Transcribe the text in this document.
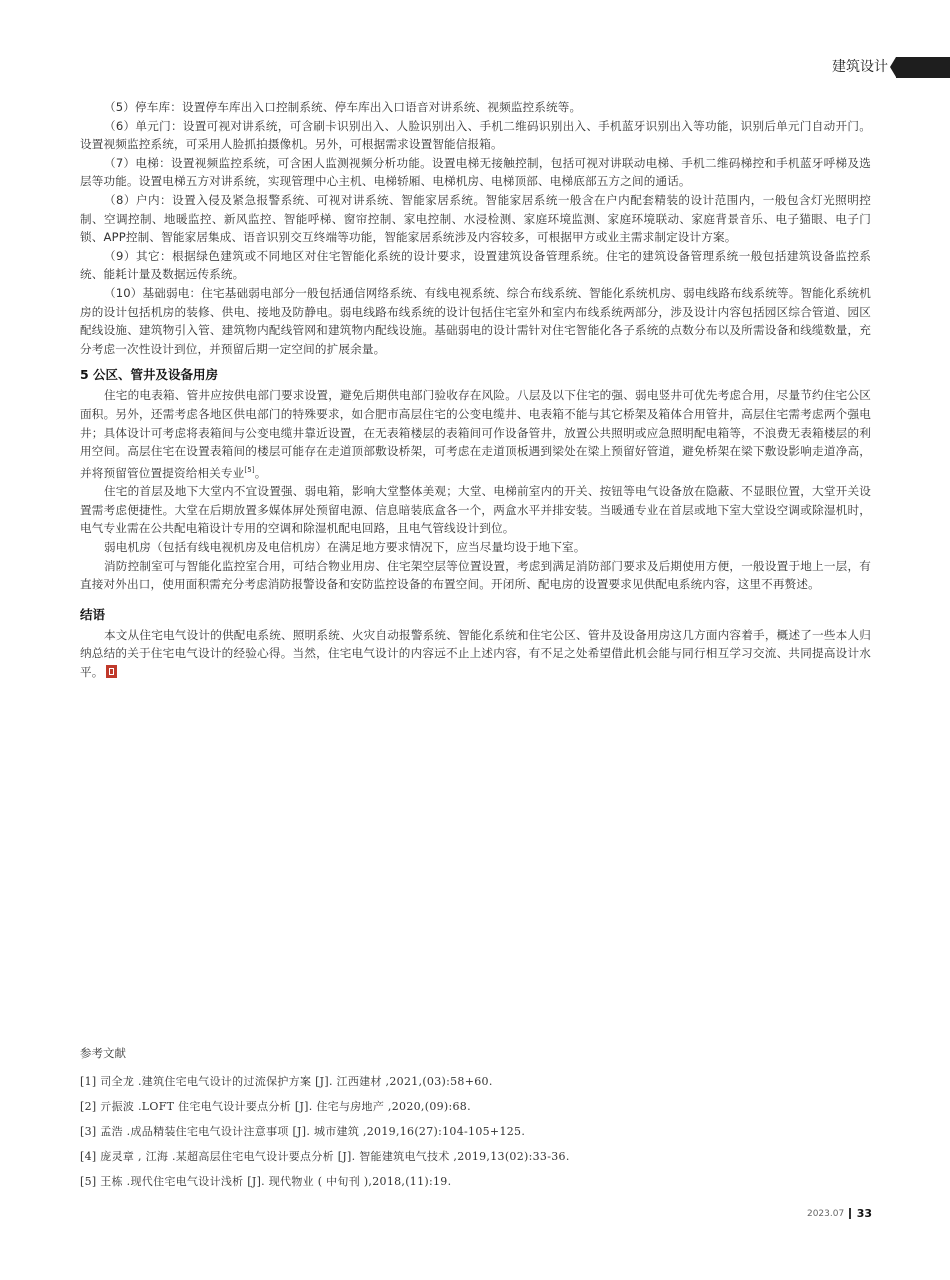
建筑设计

（5）停车库：设置停车库出入口控制系统、停车库出入口语音对讲系统、视频监控系统等。

（6）单元门：设置可视对讲系统，可含刷卡识别出入、人脸识别出入、手机二维码识别出入、手机蓝牙识别出入等功能，识别后单元门自动开门。设置视频监控系统，可采用人脸抓拍摄像机。另外，可根据需求设置智能信报箱。

（7）电梯：设置视频监控系统，可含困人监测视频分析功能。设置电梯无接触控制，包括可视对讲联动电梯、手机二维码梯控和手机蓝牙呼梯及选层等功能。设置电梯五方对讲系统，实现管理中心主机、电梯轿厢、电梯机房、电梯顶部、电梯底部五方之间的通话。

（8）户内：设置入侵及紧急报警系统、可视对讲系统、智能家居系统。智能家居系统一般含在户内配套精装的设计范围内，一般包含灯光照明控制、空调控制、地暖监控、新风监控、智能呼梯、窗帘控制、家电控制、水浸检测、家庭环境监测、家庭环境联动、家庭背景音乐、电子猫眼、电子门锁、APP控制、智能家居集成、语音识别交互终端等功能，智能家居系统涉及内容较多，可根据甲方或业主需求制定设计方案。

（9）其它：根据绿色建筑或不同地区对住宅智能化系统的设计要求，设置建筑设备管理系统。住宅的建筑设备管理系统一般包括建筑设备监控系统、能耗计量及数据远传系统。

（10）基础弱电：住宅基础弱电部分一般包括通信网络系统、有线电视系统、综合布线系统、智能化系统机房、弱电线路布线系统等。智能化系统机房的设计包括机房的装修、供电、接地及防静电。弱电线路布线系统的设计包括住宅室外和室内布线系统两部分，涉及设计内容包括园区综合管道、园区配线设施、建筑物引入管、建筑物内配线管网和建筑物内配线设施。基础弱电的设计需针对住宅智能化各子系统的点数分布以及所需设备和线缆数量，充分考虑一次性设计到位，并预留后期一定空间的扩展余量。

5 公区、管井及设备用房

住宅的电表箱、管井应按供电部门要求设置，避免后期供电部门验收存在风险。八层及以下住宅的强、弱电竖井可优先考虑合用，尽量节约住宅公区面积。另外，还需考虑各地区供电部门的特殊要求，如合肥市高层住宅的公变电缆井、电表箱不能与其它桥架及箱体合用管井，高层住宅需考虑两个强电井；具体设计可考虑将表箱间与公变电缆井靠近设置，在无表箱楼层的表箱间可作设备管井，放置公共照明或应急照明配电箱等，不浪费无表箱楼层的利用空间。高层住宅在设置表箱间的楼层可能存在走道顶部敷设桥架，可考虑在走道顶板遇到梁处在梁上预留好管道，避免桥架在梁下敷设影响走道净高，并将预留管位置提资给相关专业[5]。

住宅的首层及地下大堂内不宜设置强、弱电箱，影响大堂整体美观；大堂、电梯前室内的开关、按钮等电气设备放在隐蔽、不显眼位置，大堂开关设置需考虑便捷性。大堂在后期放置多媒体屏处预留电源、信息暗装底盒各一个，两盒水平并排安装。当暖通专业在首层或地下室大堂设空调或除湿机时，电气专业需在公共配电箱设计专用的空调和除湿机配电回路，且电气管线设计到位。

弱电机房（包括有线电视机房及电信机房）在满足地方要求情况下，应当尽量均设于地下室。

消防控制室可与智能化监控室合用，可结合物业用房、住宅架空层等位置设置，考虑到满足消防部门要求及后期使用方便，一般设置于地上一层，有直接对外出口，使用面积需充分考虑消防报警设备和安防监控设备的布置空间。开闭所、配电房的设置要求见供配电系统内容，这里不再赘述。

结语

本文从住宅电气设计的供配电系统、照明系统、火灾自动报警系统、智能化系统和住宅公区、管井及设备用房这几方面内容着手，概述了一些本人归纳总结的关于住宅电气设计的经验心得。当然，住宅电气设计的内容远不止上述内容，有不足之处希望借此机会能与同行相互学习交流、共同提高设计水平。

参考文献
[1] 司全龙 .建筑住宅电气设计的过流保护方案 [J]. 江西建材 ,2021,(03):58+60.
[2] 亓振波 .LOFT 住宅电气设计要点分析 [J]. 住宅与房地产 ,2020,(09):68.
[3] 孟浩 .成品精装住宅电气设计注意事项 [J]. 城市建筑 ,2019,16(27):104-105+125.
[4] 庞灵章 , 江海 .某超高层住宅电气设计要点分析 [J]. 智能建筑电气技术 ,2019,13(02):33-36.
[5] 王栋 .现代住宅电气设计浅析 [J]. 现代物业 ( 中旬刊 ),2018,(11):19.
2023.07 33
